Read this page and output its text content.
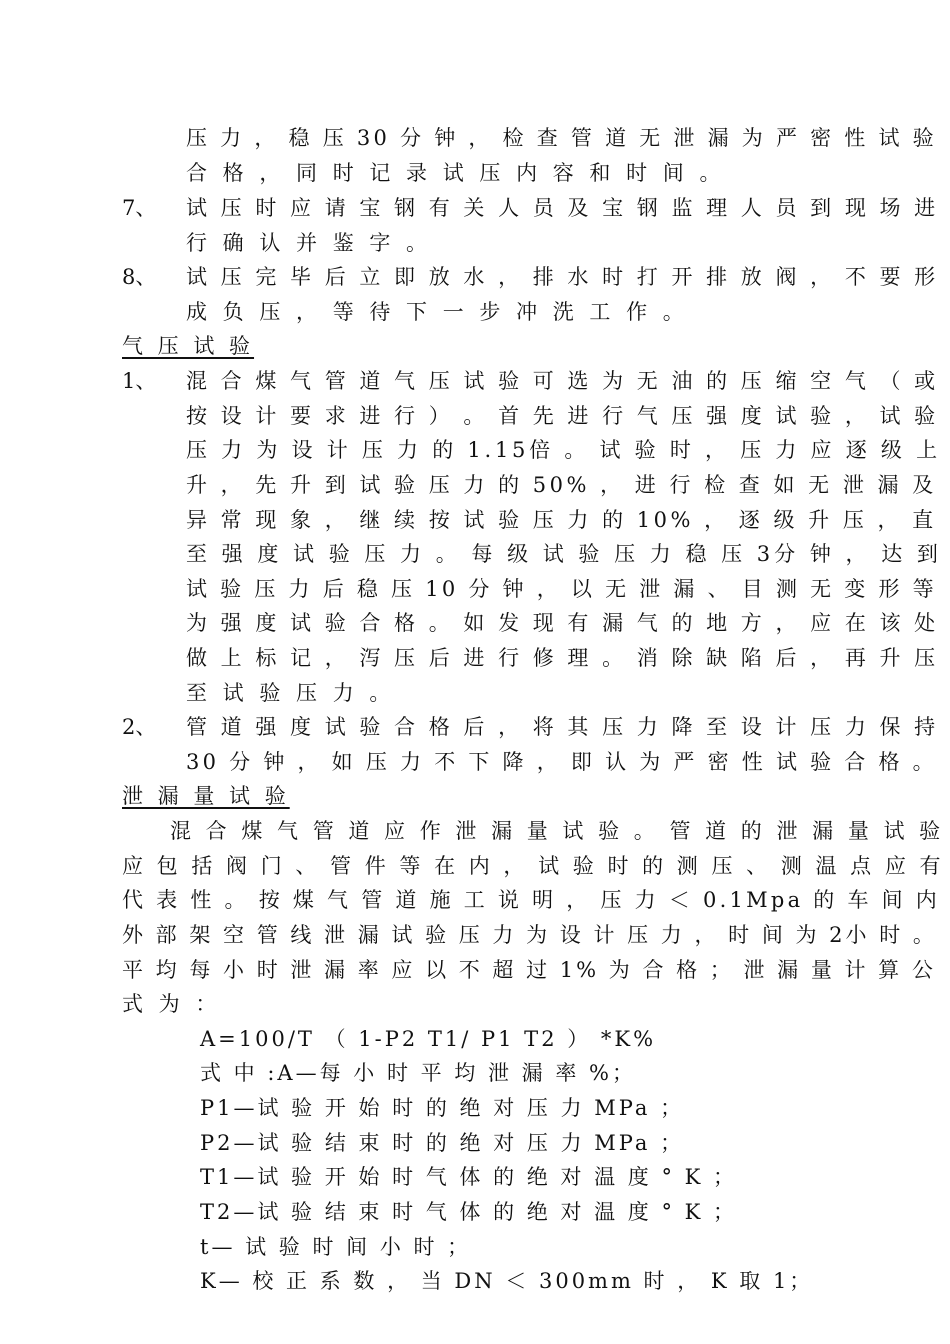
压 力 ， 稳 压 30 分 钟 ， 检 查 管 道 无 泄 漏 为 严 密 性 试 验

合 格 ， 同 时 记 录 试 压 内 容 和 时 间 。

7、 试 压 时 应 请 宝 钢 有 关 人 员 及 宝 钢 监 理 人 员 到 现 场 进

行 确 认 并 鉴 字 。

8、 试 压 完 毕 后 立 即 放 水 ， 排 水 时 打 开 排 放 阀 ， 不 要 形

成 负 压 ， 等 待 下 一 步 冲 洗 工 作 。

气 压 试 验

1、 混 合 煤 气 管 道 气 压 试 验 可 选 为 无 油 的 压 缩 空 气 （ 或

按 设 计 要 求 进 行 ） 。 首 先 进 行 气 压 强 度 试 验 ， 试 验

压 力 为 设 计 压 力 的 1.15倍 。 试 验 时 ， 压 力 应 逐 级 上

升 ， 先 升 到 试 验 压 力 的 50% ， 进 行 检 查 如 无 泄 漏 及

异 常 现 象 ， 继 续 按 试 验 压 力 的 10% ， 逐 级 升 压 ， 直

至 强 度 试 验 压 力 。 每 级 试 验 压 力 稳 压 3分 钟 ， 达 到

试 验 压 力 后 稳 压 10 分 钟 ， 以 无 泄 漏 、 目 测 无 变 形 等

为 强 度 试 验 合 格 。 如 发 现 有 漏 气 的 地 方 ， 应 在 该 处

做 上 标 记 ， 泻 压 后 进 行 修 理 。 消 除 缺 陷 后 ， 再 升 压

至 试 验 压 力 。

2、 管 道 强 度 试 验 合 格 后 ， 将 其 压 力 降 至 设 计 压 力 保 持

30 分 钟 ， 如 压 力 不 下 降 ， 即 认 为 严 密 性 试 验 合 格 。

泄 漏 量 试 验

混 合 煤 气 管 道 应 作 泄 漏 量 试 验 。 管 道 的 泄 漏 量 试 验

应 包 括 阀 门 、 管 件 等 在 内 ， 试 验 时 的 测 压 、 测 温 点 应 有

代 表 性 。 按 煤 气 管 道 施 工 说 明 ， 压 力 ＜ 0.1Mpa 的 车 间 内

外 部 架 空 管 线 泄 漏 试 验 压 力 为 设 计 压 力 ， 时 间 为 2小 时 。

平 均 每 小 时 泄 漏 率 应 以 不 超 过 1% 为 合 格 ； 泄 漏 量 计 算 公

式 为 ：

A=100/T （ 1-P2 T1/ P1 T2 ） *K%

式 中 :A—每 小 时 平 均 泄 漏 率 %；

P1—试 验 开 始 时 的 绝 对 压 力 MPa ；

P2—试 验 结 束 时 的 绝 对 压 力 MPa ；

T1—试 验 开 始 时 气 体 的 绝 对 温 度 ° K ；

T2—试 验 结 束 时 气 体 的 绝 对 温 度 ° K ；

t— 试 验 时 间 小 时 ；

K— 校 正 系 数 ， 当 DN ＜ 300mm 时 ， K 取 1；
